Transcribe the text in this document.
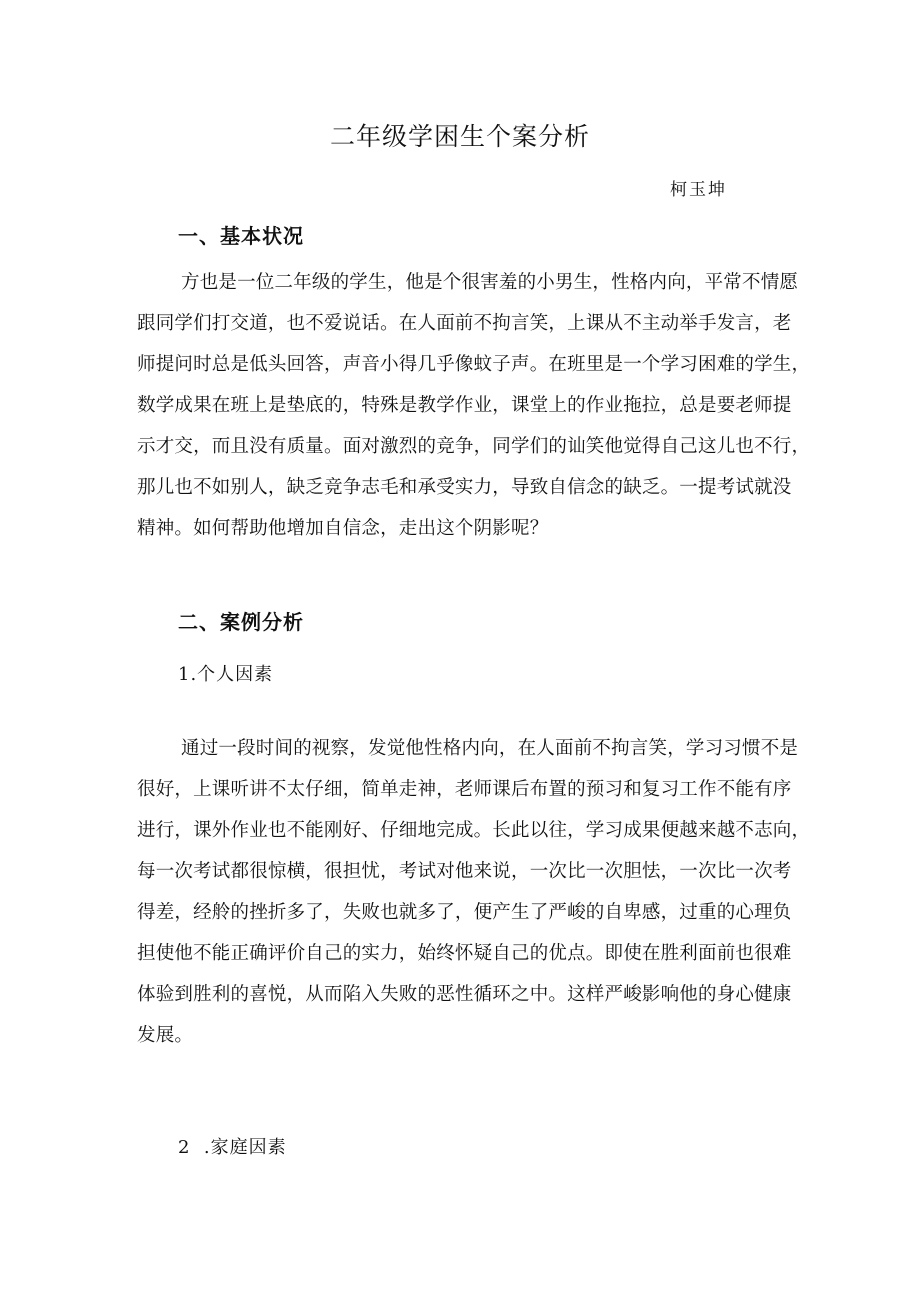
二年级学困生个案分析
柯玉坤
一、基本状况
方也是一位二年级的学生，他是个很害羞的小男生，性格内向，平常不情愿
跟同学们打交道，也不爱说话。在人面前不拘言笑，上课从不主动举手发言，老
师提问时总是低头回答，声音小得几乎像蚊子声。在班里是一个学习困难的学生，
数学成果在班上是垫底的，特殊是教学作业，课堂上的作业拖拉，总是要老师提
示才交，而且没有质量。面对激烈的竞争，同学们的讪笑他觉得自己这儿也不行，
那儿也不如别人，缺乏竞争志毛和承受实力，导致自信念的缺乏。一提考试就没
精神。如何帮助他增加自信念，走出这个阴影呢？
二、案例分析
1.个人因素
通过一段时间的视察，发觉他性格内向，在人面前不拘言笑，学习习惯不是
很好，上课听讲不太仔细，简单走神，老师课后布置的预习和复习工作不能有序
进行，课外作业也不能刚好、仔细地完成。长此以往，学习成果便越来越不志向，
每一次考试都很惊横，很担忧，考试对他来说，一次比一次胆怯，一次比一次考
得差，经舲的挫折多了，失败也就多了，便产生了严峻的自卑感，过重的心理负
担使他不能正确评价自己的实力，始终怀疑自己的优点。即使在胜利面前也很难
体验到胜利的喜悦，从而陷入失败的恶性循环之中。这样严峻影响他的身心健康
发展。
2  .家庭因素
